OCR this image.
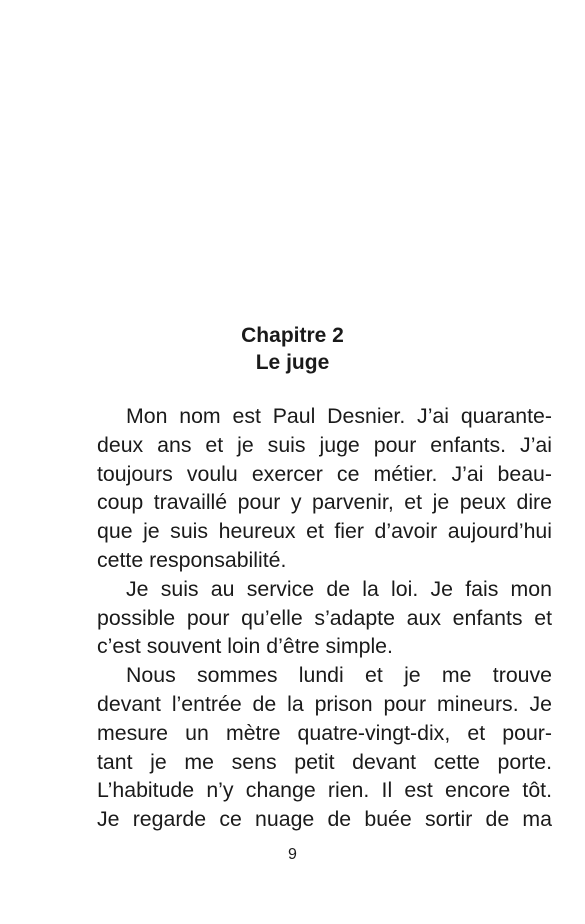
Chapitre 2
Le juge
Mon nom est Paul Desnier. J’ai quarante-
deux ans et je suis juge pour enfants. J’ai
toujours voulu exercer ce métier. J’ai beau-
coup travaillé pour y parvenir, et je peux dire
que je suis heureux et fier d’avoir aujourd’hui
cette responsabilité.
Je suis au service de la loi. Je fais mon
possible pour qu’elle s’adapte aux enfants et
c’est souvent loin d’être simple.
Nous sommes lundi et je me trouve
devant l’entrée de la prison pour mineurs. Je
mesure un mètre quatre-vingt-dix, et pour-
tant je me sens petit devant cette porte.
L’habitude n’y change rien. Il est encore tôt.
Je regarde ce nuage de buée sortir de ma
9
